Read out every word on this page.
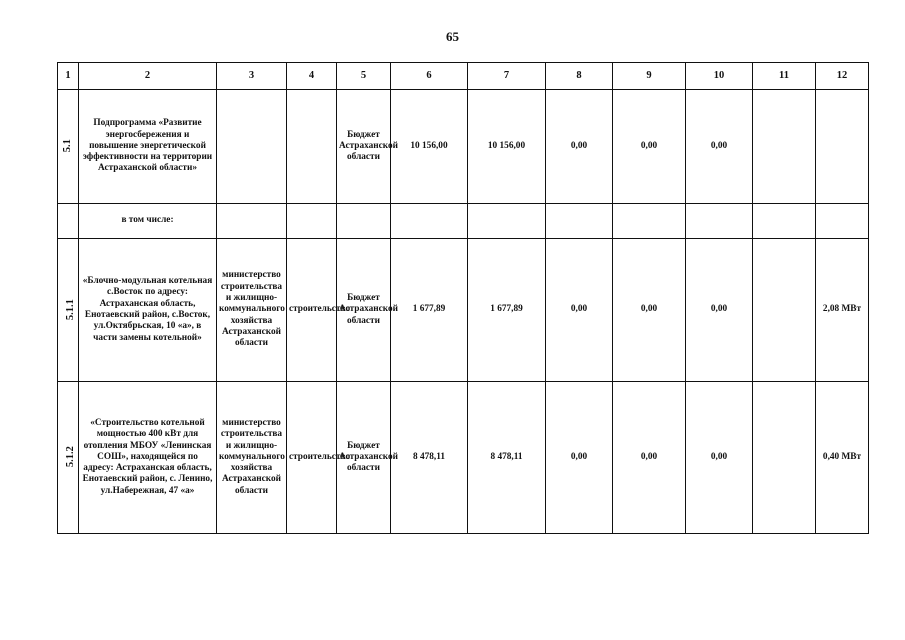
65
1	2	3	4	5	6	7	8	9	10	11	12
5.1	Подпрограмма «Развитие энергосбережения и повышение энергетической эффективности на территории Астраханской области»			Бюджет Астраханской области	10 156,00	10 156,00	0,00	0,00	0,00		
	в том числе:										
5.1.1	«Блочно-модульная котельная с.Восток по адресу: Астраханская область, Енотаевский район, с.Восток, ул.Октябрьская, 10 «а», в части замены котельной»	министерство строительства и жилищно-коммунального хозяйства Астраханской области	строительство	Бюджет Астраханской области	1 677,89	1 677,89	0,00	0,00	0,00		2,08 МВт
5.1.2	«Строительство котельной мощностью 400 кВт для отопления МБОУ «Ленинская СОШ», находящейся по адресу: Астраханская область, Енотаевский район, с. Ленино, ул.Набережная, 47 «а»	министерство строительства и жилищно-коммунального хозяйства Астраханской области	строительство	Бюджет Астраханской области	8 478,11	8 478,11	0,00	0,00	0,00		0,40 МВт
